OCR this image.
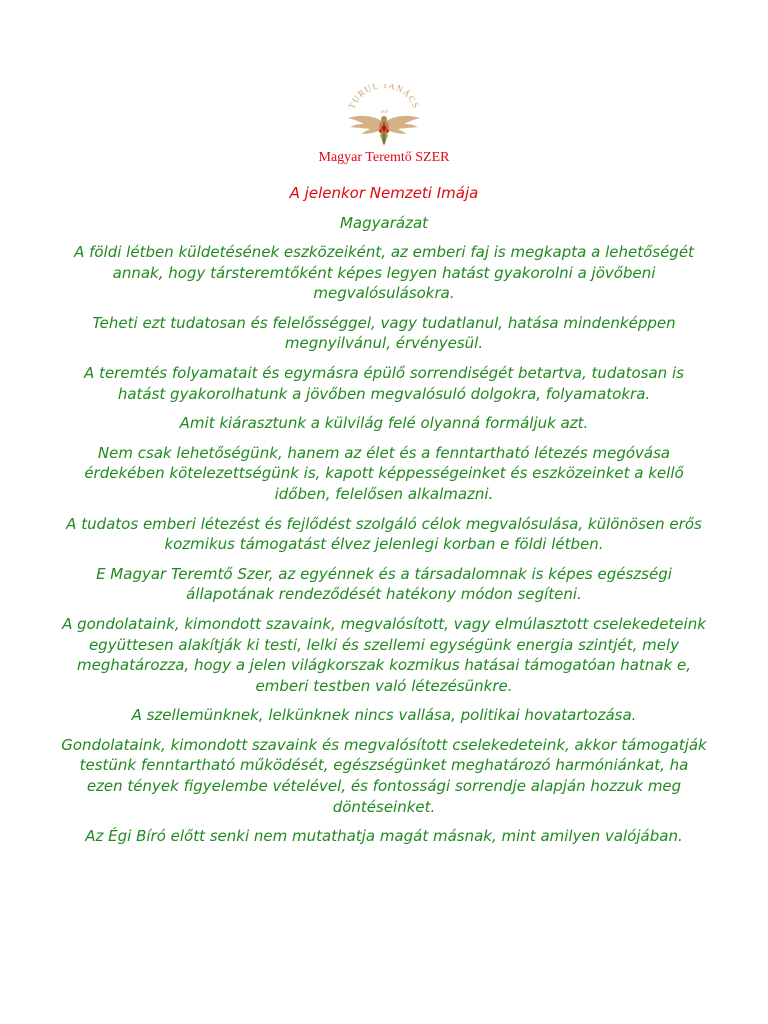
TURUL TANÁCS
2019
Magyar Teremtő SZER
A jelenkor Nemzeti Imája
Magyarázat

A földi létben küldetésének eszközeiként, az emberi faj is megkapta a lehetőségét annak, hogy társteremtőként képes legyen hatást gyakorolni a jövőbeni megvalósulásokra.

Teheti ezt tudatosan és felelősséggel, vagy tudatlanul, hatása mindenképpen megnyilvánul, érvényesül.

A teremtés folyamatait és egymásra épülő sorrendiségét betartva, tudatosan is hatást gyakorolhatunk a jövőben megvalósuló dolgokra, folyamatokra.

Amit kiárasztunk a külvilág felé olyanná formáljuk azt.

Nem csak lehetőségünk, hanem az élet és a fenntartható létezés megóvása érdekében kötelezettségünk is, kapott képpességeinket és eszközeinket a kellő időben, felelősen alkalmazni.

A tudatos emberi létezést és fejlődést szolgáló célok megvalósulása, különösen erős kozmikus támogatást élvez jelenlegi korban e földi létben.

E Magyar Teremtő Szer, az egyénnek és a társadalomnak is képes egészségi állapotának rendeződését hatékony módon segíteni.

A gondolataink, kimondott szavaink, megvalósított, vagy elmúlasztott cselekedeteink együttesen alakítják ki testi, lelki és szellemi egységünk energia szintjét, mely meghatározza, hogy a jelen világkorszak kozmikus hatásai támogatóan hatnak e, emberi testben való létezésünkre.

A szellemünknek, lelkünknek nincs vallása, politikai hovatartozása.

Gondolataink, kimondott szavaink és megvalósított cselekedeteink, akkor támogatják testünk fenntartható működését, egészségünket meghatározó harmóniánkat, ha ezen tények figyelembe vételével, és fontossági sorrendje alapján hozzuk meg döntéseinket.

Az Égi Bíró előtt senki nem mutathatja magát másnak, mint amilyen valójában.
